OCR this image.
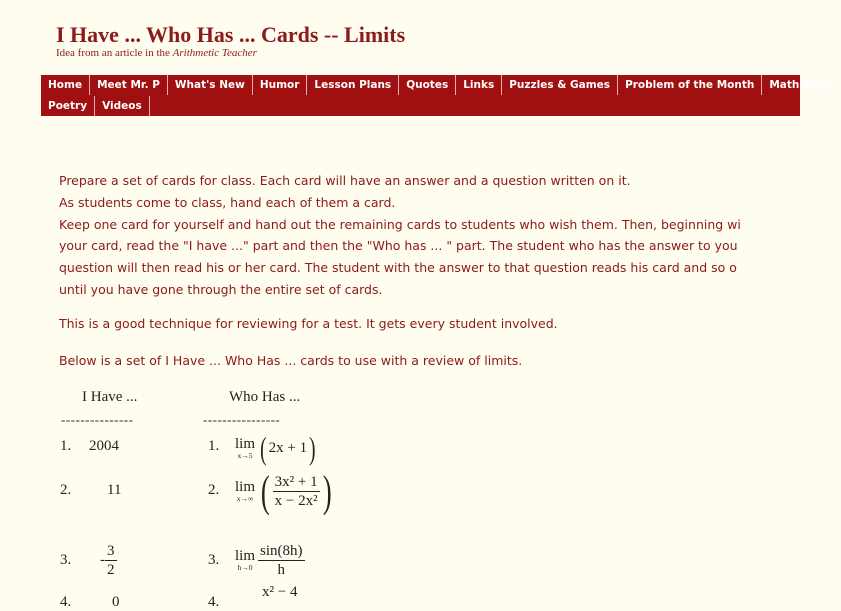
I Have ... Who Has ... Cards -- Limits
Idea from an article in the Arithmetic Teacher
Home	Meet Mr. P	What's New	Humor	Lesson Plans	Quotes	Links	Puzzles & Games	Problem of the Month	Math Facts
Poetry	Videos

Prepare a set of cards for class. Each card will have an answer and a question written on it.

As students come to class, hand each of them a card.

Keep one card for yourself and hand out the remaining cards to students who wish them. Then, beginning wi

your card, read the "I have ..." part and then the "Who has ... " part. The student who has the answer to you

question will then read his or her card. The student with the answer to that question reads his card and so o

until you have gone through the entire set of cards.

This is a good technique for reviewing for a test. It gets every student involved.

Below is a set of I Have ... Who Has ... cards to use with a review of limits.

I Have ...	Who Has ...
---------------	----------------
1. 2004	1. lim
x→5 ( 2x + 1)
2. 11	2. lim
x→∞ ( $\frac{\text{3x² + 1}}{\text{x − 2x²}}$ )
3. - $\frac{3}{2}$	3. lim
$h\to 0 \frac{\sin(8h)}{h}$
4.	0	4.
x² − 4
